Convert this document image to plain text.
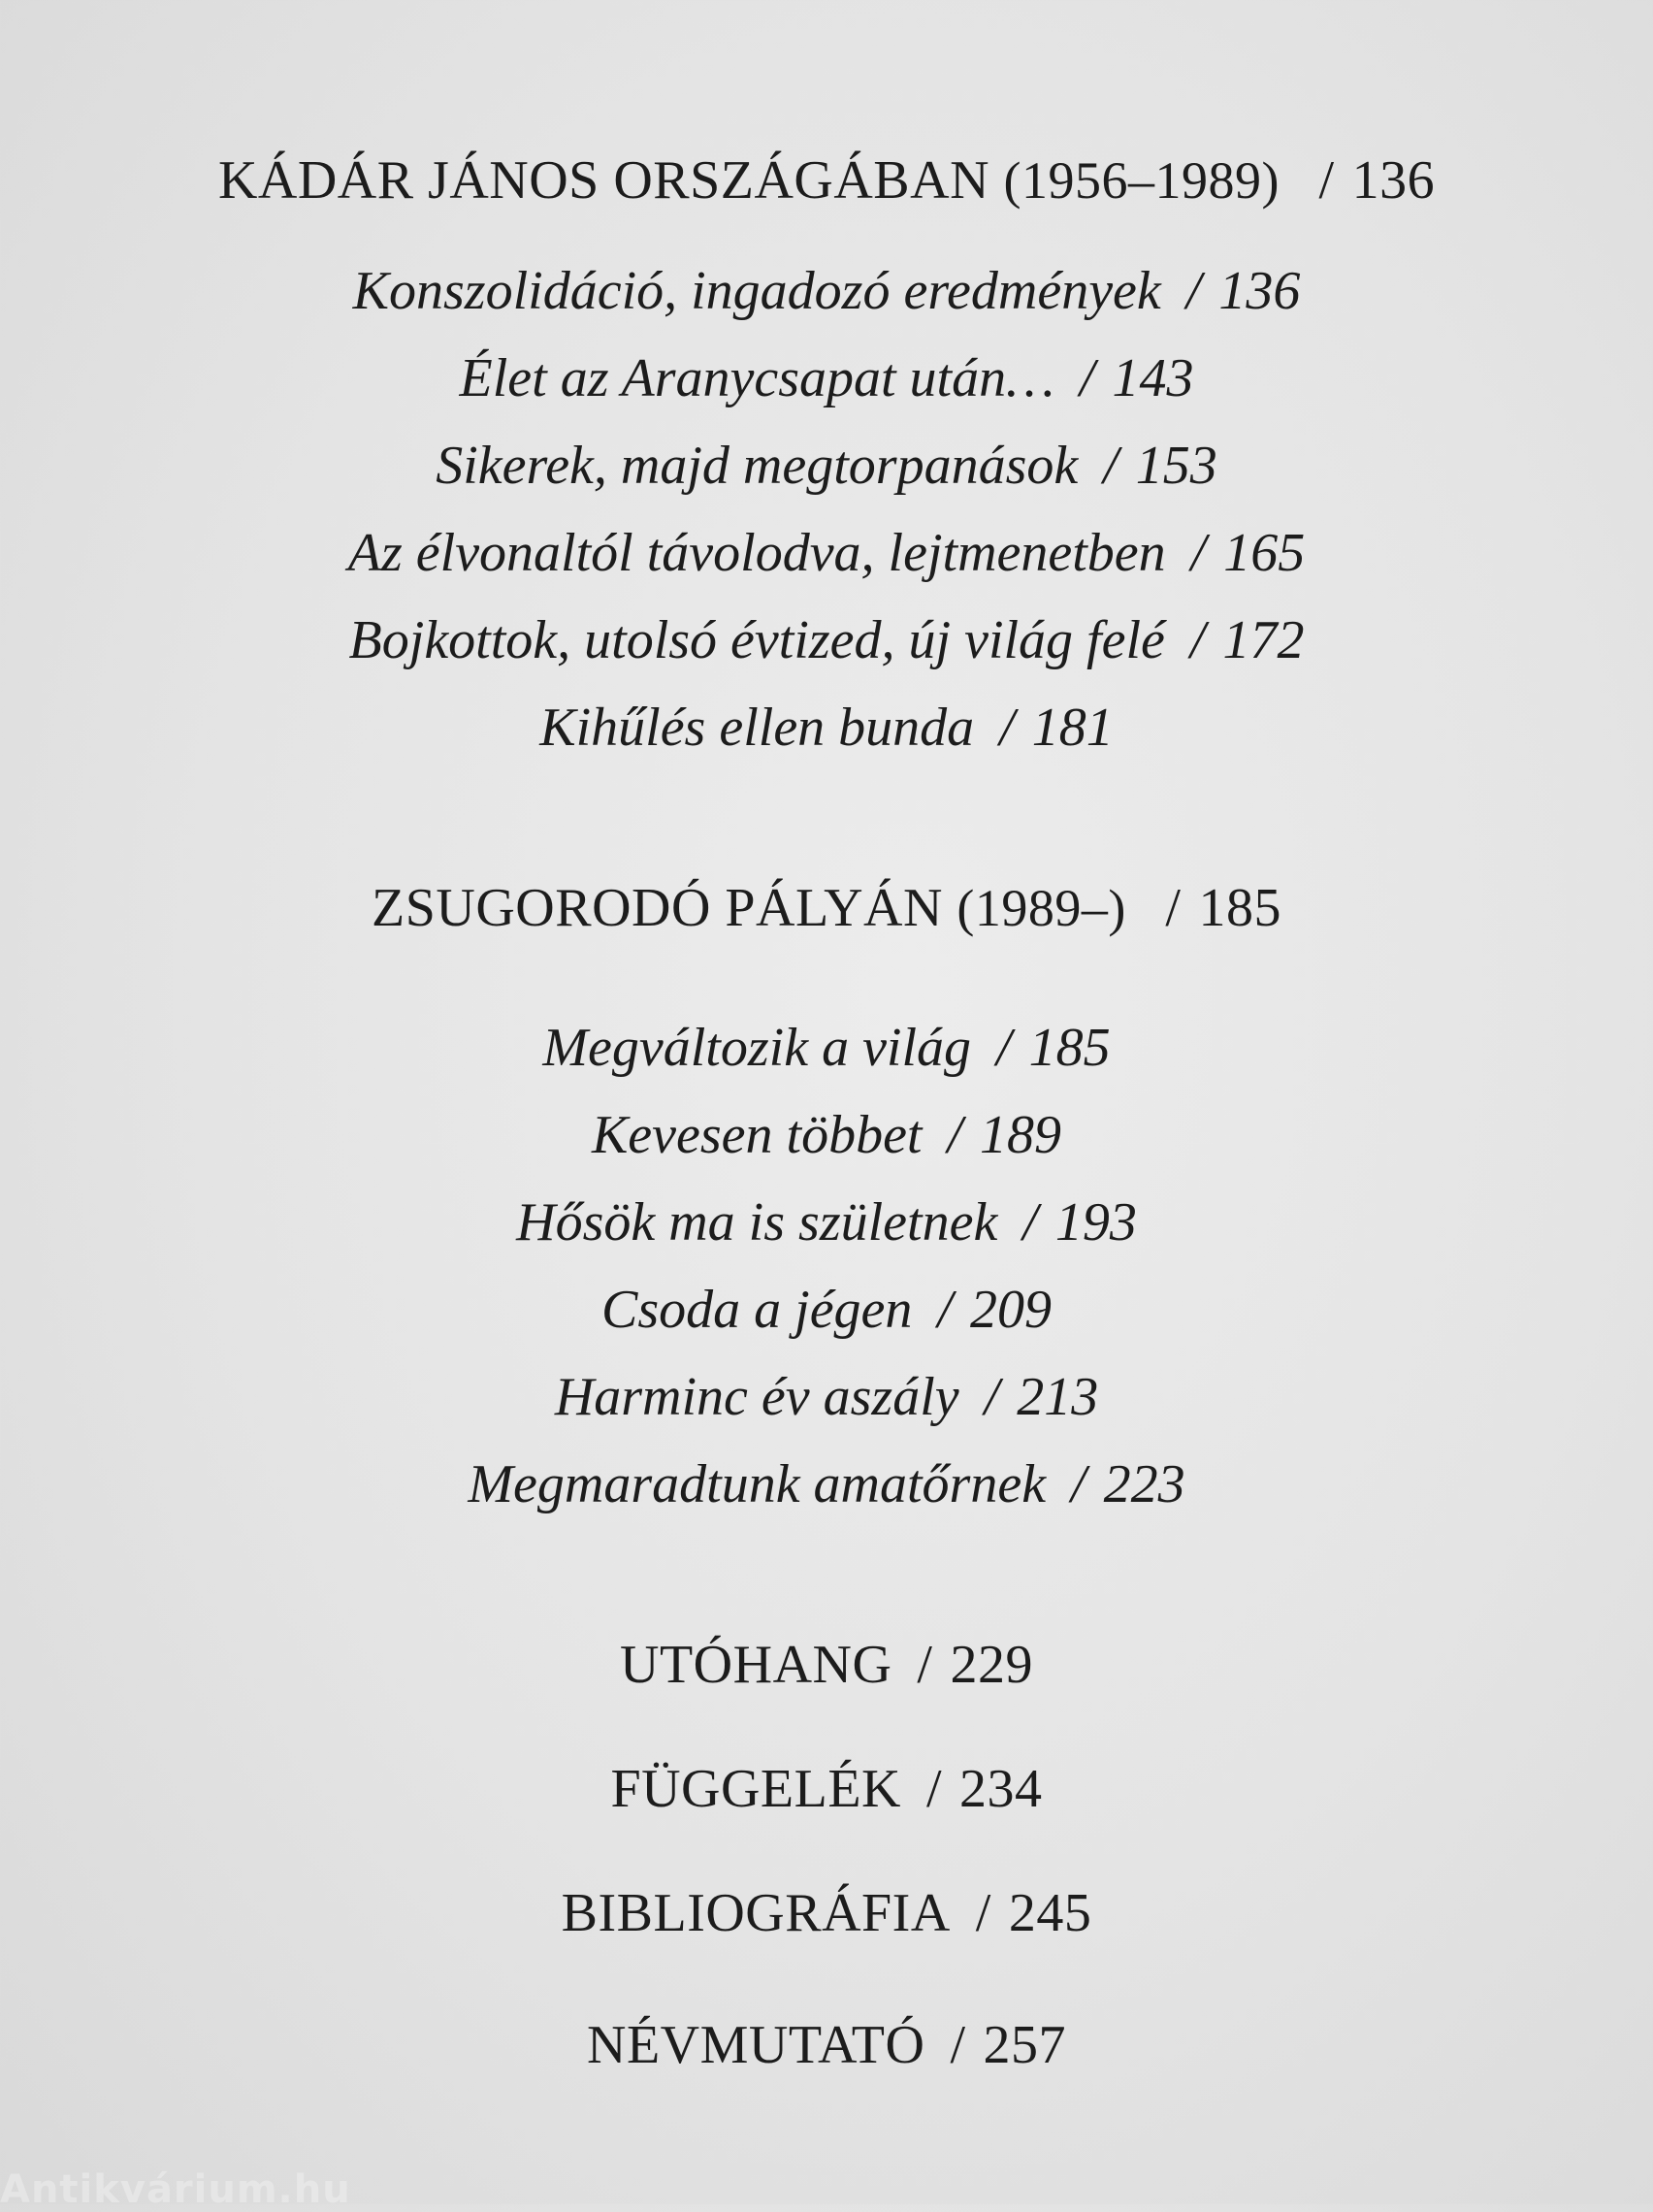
KÁDÁR JÁNOS ORSZÁGÁBAN (1956–1989) / 136
Konszolidáció, ingadozó eredmények / 136
Élet az Aranycsapat után… / 143
Sikerek, majd megtorpanások / 153
Az élvonaltól távolodva, lejtmenetben / 165
Bojkottok, utolsó évtized, új világ felé / 172
Kihűlés ellen bunda / 181
ZSUGORODÓ PÁLYÁN (1989–) / 185
Megváltozik a világ / 185
Kevesen többet / 189
Hősök ma is születnek / 193
Csoda a jégen / 209
Harminc év aszály / 213
Megmaradtunk amatőrnek / 223
UTÓHANG / 229
FÜGGELÉK / 234
BIBLIOGRÁFIA / 245
NÉVMUTATÓ / 257
Antikvárium.hu
